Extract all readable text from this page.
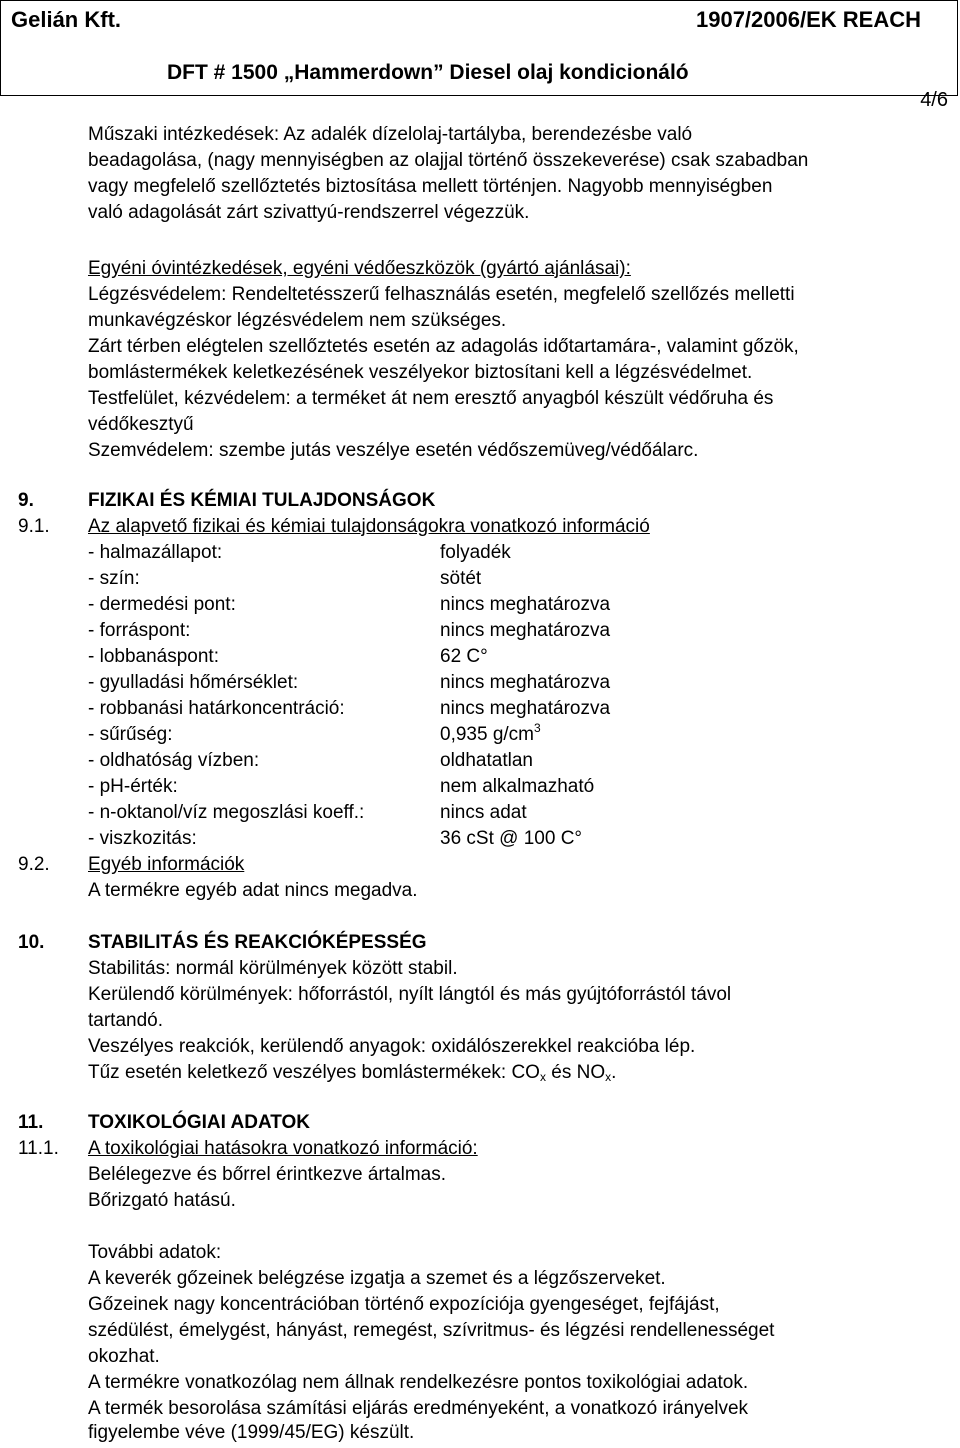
Gelián Kft.	1907/2006/EK REACH
DFT # 1500 „Hammerdown” Diesel olaj kondicionáló
4/6
Műszaki intézkedések: Az adalék dízelolaj-tartályba, berendezésbe való
beadagolása, (nagy mennyiségben az olajjal történő összekeverése) csak szabadban
vagy megfelelő szellőztetés biztosítása mellett történjen. Nagyobb mennyiségben
való adagolását zárt szivattyú-rendszerrel végezzük.
Egyéni óvintézkedések, egyéni védőeszközök (gyártó ajánlásai):
Légzésvédelem: Rendeltetésszerű felhasználás esetén, megfelelő szellőzés melletti
munkavégzéskor légzésvédelem nem szükséges.
Zárt térben elégtelen szellőztetés esetén az adagolás időtartamára-, valamint gőzök,
bomlástermékek keletkezésének veszélyekor biztosítani kell a légzésvédelmet.
Testfelület, kézvédelem: a terméket át nem eresztő anyagból készült védőruha és
védőkesztyű
Szemvédelem: szembe jutás veszélye esetén védőszemüveg/védőálarc.
9.	FIZIKAI ÉS KÉMIAI TULAJDONSÁGOK
9.1. Az alapvető fizikai és kémiai tulajdonságokra vonatkozó információ
- halmazállapot:	folyadék
- szín:	sötét
- dermedési pont:	nincs meghatározva
- forráspont:	nincs meghatározva
- lobbanáspont:	62 C°
- gyulladási hőmérséklet:	nincs meghatározva
- robbanási határkoncentráció:	nincs meghatározva
- sűrűség:	0,935 $g/cm^3$
- oldhatóság vízben:	oldhatatlan
- pH-érték:	nem alkalmazható
- n-oktanol/víz megoszlási koeff.:	nincs adat
- viszkozitás:	36 cSt @ 100 C°
9.2. Egyéb információk
A termékre egyéb adat nincs megadva.
10. STABILITÁS ÉS REAKCIÓKÉPESSÉG
Stabilitás: normál körülmények között stabil.
Kerülendő körülmények: hőforrástól, nyílt lángtól és más gyújtóforrástól távol
tartandó.
Veszélyes reakciók, kerülendő anyagok: oxidálószerekkel reakcióba lép.
Tűz esetén keletkező veszélyes bomlástermékek: $CO_x$ és $NO_x$.
11. TOXIKOLÓGIAI ADATOK
11.1. A toxikológiai hatásokra vonatkozó információ:
Belélegezve és bőrrel érintkezve ártalmas.
Bőrizgató hatású.
További adatok:
A keverék gőzeinek belégzése izgatja a szemet és a légzőszerveket.
Gőzeinek nagy koncentrációban történő expozíciója gyengeséget, fejfájást,
szédülést, émelygést, hányást, remegést, szívritmus- és légzési rendellenességet
okozhat.
A termékre vonatkozólag nem állnak rendelkezésre pontos toxikológiai adatok.
A termék besorolása számítási eljárás eredményeként, a vonatkozó irányelvek
figyelembe véve (1999/45/EG) készült.
